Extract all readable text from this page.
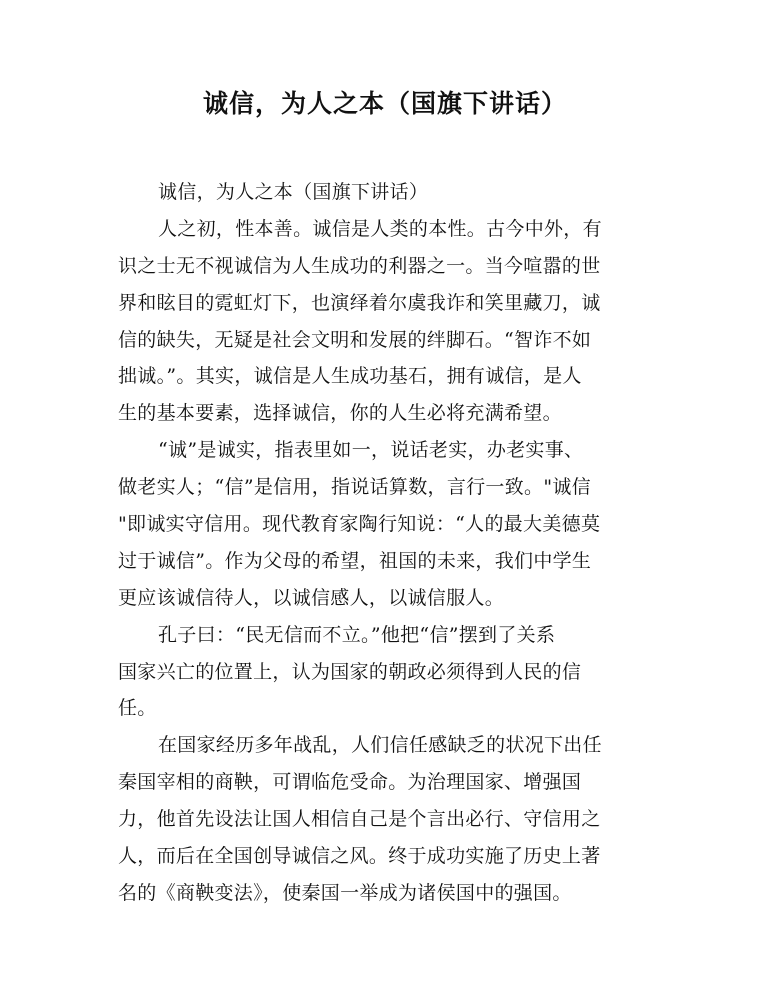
诚信，为人之本（国旗下讲话）
诚信，为人之本（国旗下讲话）
人之初，性本善。诚信是人类的本性。古今中外，有
识之士无不视诚信为人生成功的利器之一。当今喧嚣的世
界和眩目的霓虹灯下，也演绎着尔虞我诈和笑里藏刀，诚
信的缺失，无疑是社会文明和发展的绊脚石。“智诈不如
拙诚。”。其实，诚信是人生成功基石，拥有诚信，是人
生的基本要素，选择诚信，你的人生必将充满希望。
“诚”是诚实，指表里如一，说话老实，办老实事、
做老实人；“信”是信用，指说话算数，言行一致。"诚信
"即诚实守信用。现代教育家陶行知说：“人的最大美德莫
过于诚信”。作为父母的希望，祖国的未来，我们中学生
更应该诚信待人，以诚信感人，以诚信服人。
孔子曰：“民无信而不立。”他把“信”摆到了关系
国家兴亡的位置上，认为国家的朝政必须得到人民的信
任。
在国家经历多年战乱，人们信任感缺乏的状况下出任
秦国宰相的商鞅，可谓临危受命。为治理国家、增强国
力，他首先设法让国人相信自己是个言出必行、守信用之
人，而后在全国创导诚信之风。终于成功实施了历史上著
名的《商鞅变法》，使秦国一举成为诸侯国中的强国。
